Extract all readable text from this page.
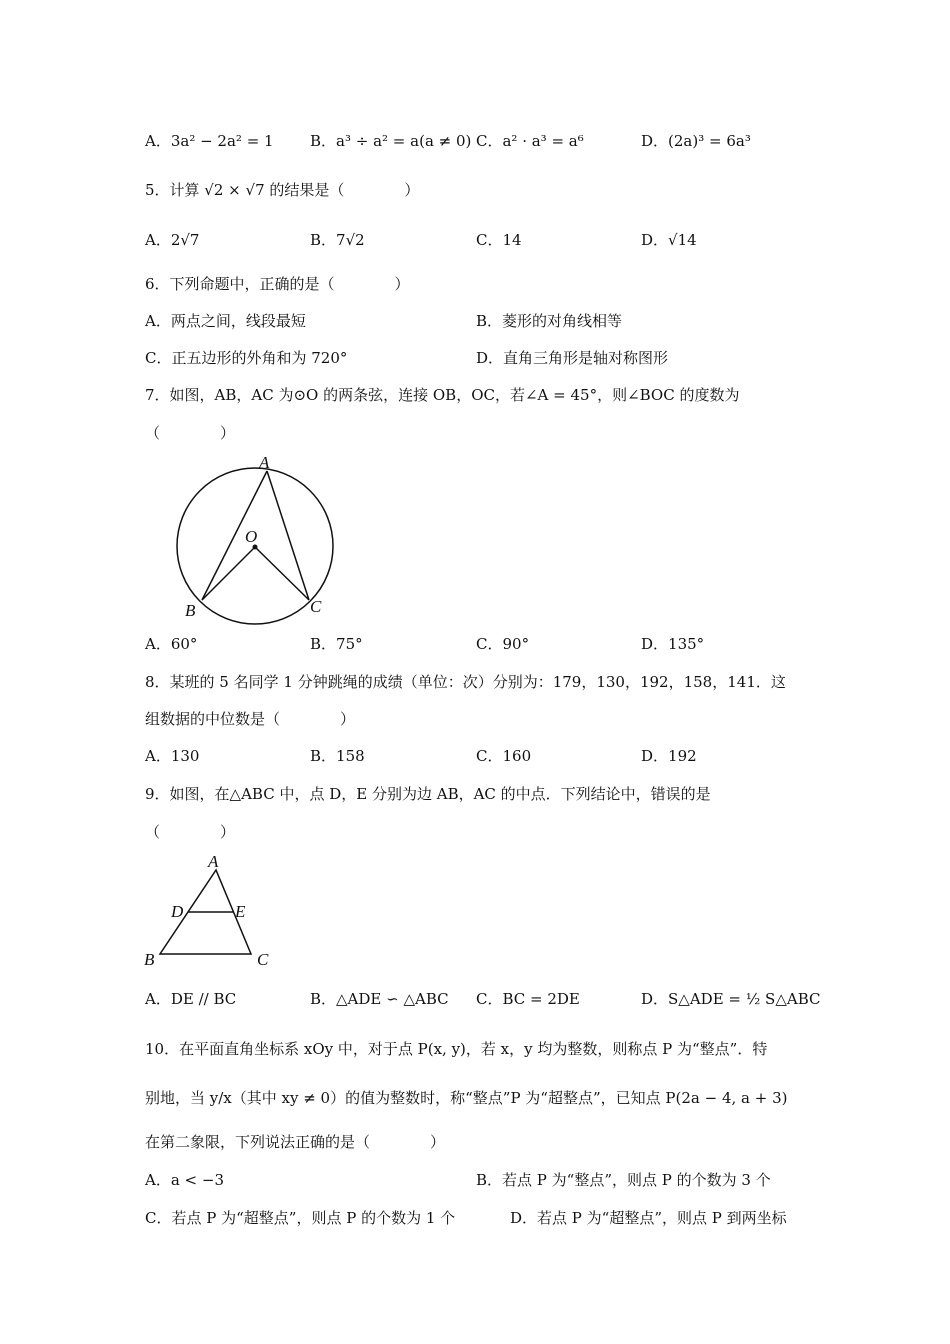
A．3a² − 2a² = 1 B．a³ ÷ a² = a(a ≠ 0) C．a² · a³ = a⁶	D．(2a)³ = 6a³
5．计算 √2 × √7 的结果是（　　　　）
A．2√7	B．7√2	C．14	D．√14
6．下列命题中，正确的是（　　　　）
A．两点之间，线段最短	B．菱形的对角线相等
C．正五边形的外角和为 720°	D．直角三角形是轴对称图形
7．如图，AB，AC 为⊙O 的两条弦，连接 OB，OC，若∠A = 45°，则∠BOC 的度数为
（　　　　）
A
O
B	C
A．60°	B．75°	C．90°	D．135°
8．某班的 5 名同学 1 分钟跳绳的成绩（单位：次）分别为：179，130，192，158，141．这
组数据的中位数是（　　　　）
A．130	B．158	C．160	D．192
9．如图，在△ABC 中，点 D，E 分别为边 AB，AC 的中点．下列结论中，错误的是
（　　　　）
A
D	E
B	C
A．DE // BC	B．△ADE ∽ △ABC C．BC = 2DE	D．S△ADE = ½ S△ABC
10．在平面直角坐标系 xOy 中，对于点 P(x, y)，若 x，y 均为整数，则称点 P 为“整点”．特
别地，当 y/x（其中 xy ≠ 0）的值为整数时，称“整点”P 为“超整点”，已知点 P(2a − 4, a + 3)
在第二象限，下列说法正确的是（　　　　）
A．a < −3	B．若点 P 为“整点”，则点 P 的个数为 3 个
C．若点 P 为“超整点”，则点 P 的个数为 1 个	D．若点 P 为“超整点”，则点 P 到两坐标
